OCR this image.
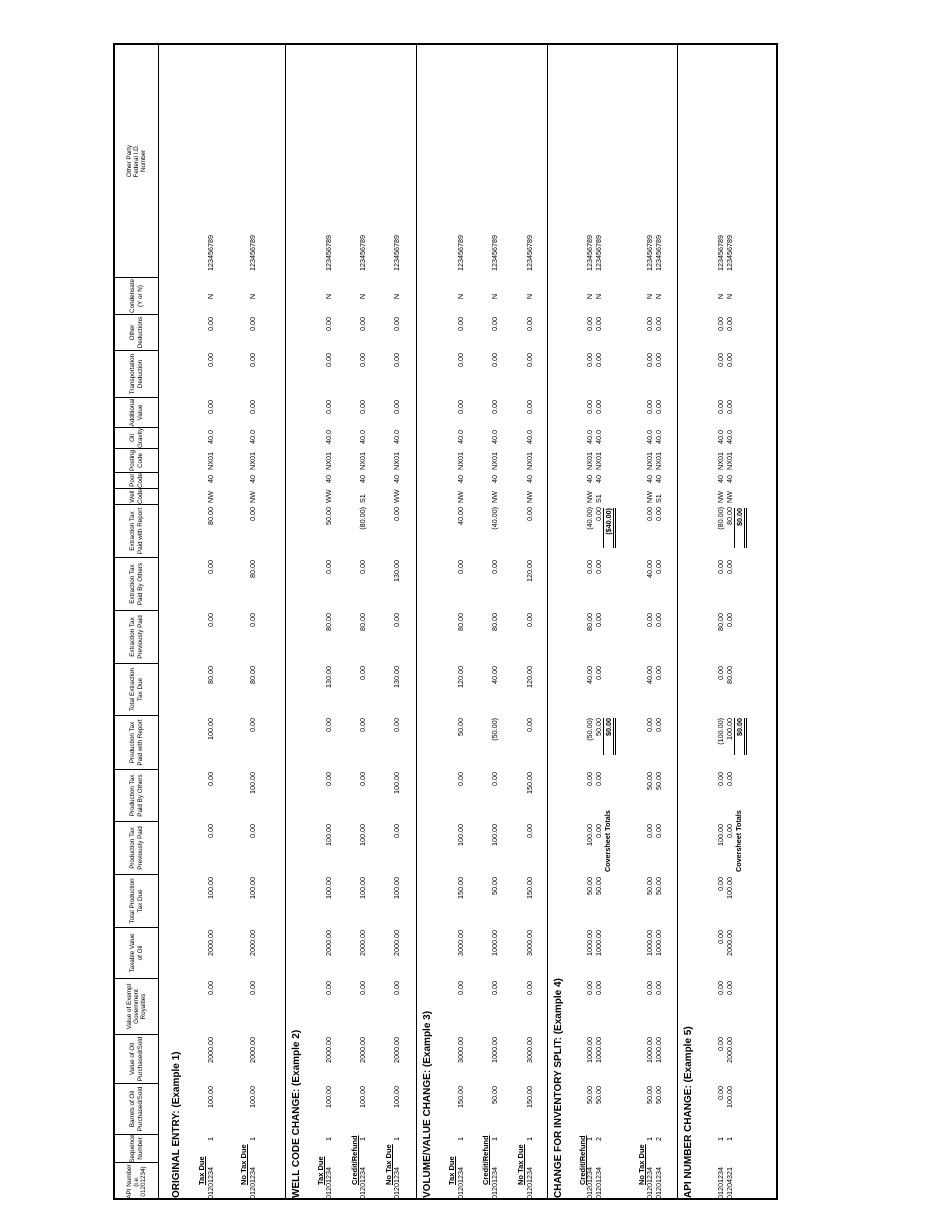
API Number
(i.e. 01201234)
Sequence
Number
Barrels of Oil
Purchased/Sold
Value of Oil
Purchased/Sold
Value of Exempt
Government
Royalties
Taxable Value
of Oil
Total Production
Tax Due
Production Tax
Previously Paid
Production Tax
Paid By Others
Production Tax
Paid with Report
Total Extraction
Tax Due
Extraction Tax
Previously Paid
Extraction Tax
Paid By Others
Extraction Tax
Paid with Report
Well
Code
Pool
Code
Posting
Code
Oil
Gravity
Additional
Value
Transportation
Deduction
Other
Deductions
Condensate
(Y or N)
Other Party
Federal I.D.
Number
ORIGINAL ENTRY: (Example 1) Tax Due 01201234
1
100.00
2000.00
0.00
2000.00
100.00
0.00
0.00
100.00
80.00
0.00
0.00
80.00
NW
40
NX01
40.0
0.00
0.00
0.00
N
123456789
No Tax Due 01201234
1
100.00
2000.00
0.00
2000.00
100.00
0.00
100.00
0.00
80.00
0.00
80.00
0.00
NW
40
NX01
40.0
0.00
0.00
0.00
N
123456789
WELL CODE CHANGE: (Example 2) Tax Due 01201234
1
100.00
2000.00
0.00
2000.00
100.00
100.00
0.00
0.00
130.00
80.00
0.00
50.00
WW
40
NX01
40.0
0.00
0.00
0.00
N
123456789
Credit/Refund 01201234
1
100.00
2000.00
0.00
2000.00
100.00
100.00
0.00
0.00
0.00
80.00
0.00
(80.00)
S1
40
NX01
40.0
0.00
0.00
0.00
N
123456789
No Tax Due 01201234
1
100.00
2000.00
0.00
2000.00
100.00
0.00
100.00
0.00
130.00
0.00
130.00
0.00
WW
40
NX01
40.0
0.00
0.00
0.00
N
123456789
VOLUME/VALUE CHANGE: (Example 3) Tax Due 01201234
1
150.00
3000.00
0.00
3000.00
150.00
100.00
0.00
50.00
120.00
80.00
0.00
40.00
NW
40
NX01
40.0
0.00
0.00
0.00
N
123456789
Credit/Refund 01201234
1
50.00
1000.00
0.00
1000.00
50.00
100.00
0.00
(50.00)
40.00
80.00
0.00
(40.00)
NW
40
NX01
40.0
0.00
0.00
0.00
N
123456789
No Tax Due 01201234
1
150.00
3000.00
0.00
3000.00
150.00
0.00
150.00
0.00
120.00
0.00
120.00
0.00
NW
40
NX01
40.0
0.00
0.00
0.00
N
123456789
CHANGE FOR INVENTORY SPLIT: (Example 4) Credit/Refund
01201234
1
50.00
1000.00
0.00
1000.00
50.00
100.00
0.00
(50.00)
40.00
80.00
0.00
(40.00)
NW
40
NX01
40.0
0.00
0.00
0.00
N
123456789
01201234
2
50.00
1000.00
0.00
1000.00
50.00
0.00
0.00
50.00
0.00
0.00
0.00
0.00
S1
40
NX01
40.0
0.00
0.00
0.00
N
123456789
Coversheet Totals
$0.00
($40.00)
No Tax Due 01201234
1
50.00
1000.00
0.00
1000.00
50.00
0.00
50.00
0.00
40.00
0.00
40.00
0.00
NW
40
NX01
40.0
0.00
0.00
0.00
N
123456789
01201234
2
50.00
1000.00
0.00
1000.00
50.00
0.00
50.00
0.00
0.00
0.00
0.00
0.00
S1
40
NX01
40.0
0.00
0.00
0.00
N
123456789
API NUMBER CHANGE: (Example 5)	01201234
1
0.00
0.00
0.00
0.00
0.00
100.00
0.00
(100.00)
0.00
80.00
0.00
(80.00)
NW
40
NX01
40.0
0.00
0.00
0.00
N
123456789
01204321
1
100.00
2000.00
0.00
2000.00
100.00
0.00
0.00
100.00
80.00
0.00
0.00
80.00
NW
40
NX01
40.0
0.00
0.00
0.00
N
123456789
Coversheet Totals
$0.00
$0.00
